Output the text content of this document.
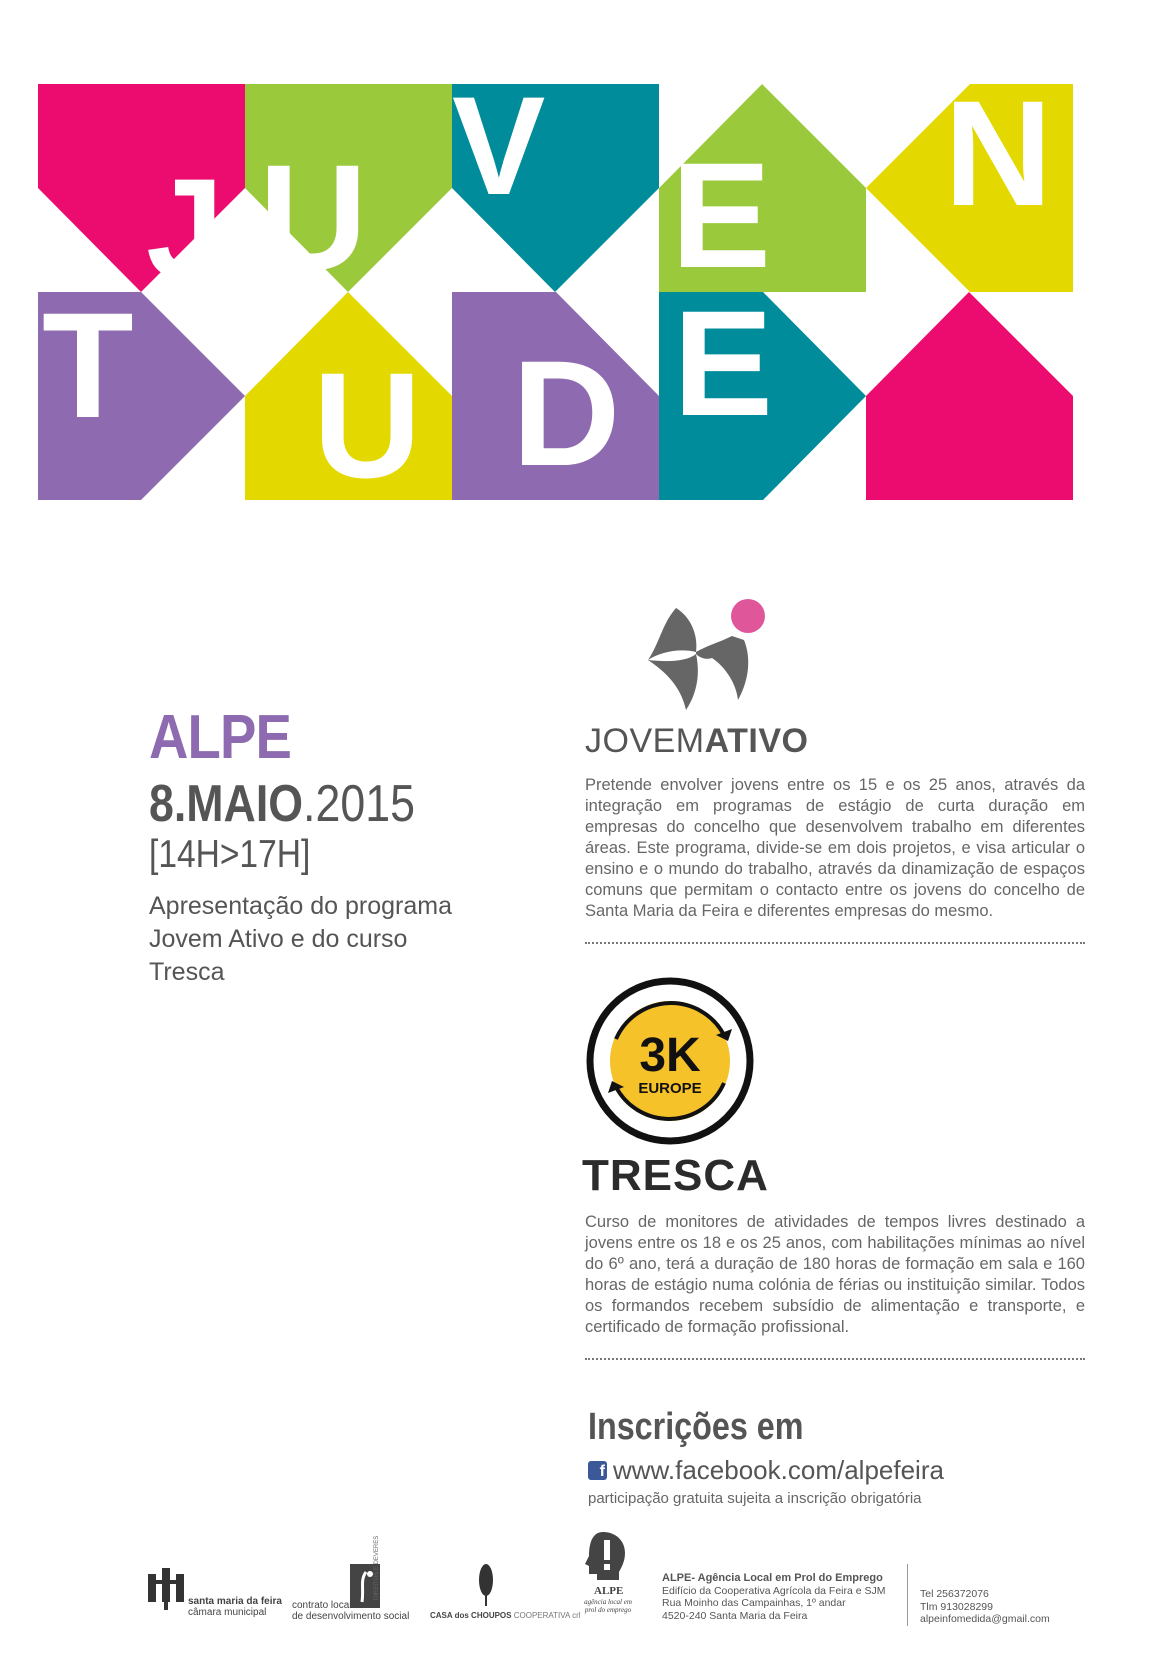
J U V E N
T U D E
ALPE
8.MAIO.2015
[14H>17H]
Apresentação do programa Jovem Ativo e do curso Tresca
JOVEMATIVO
Pretende envolver jovens entre os 15 e os 25 anos, através da integração em programas de estágio de curta duração em empresas do concelho que desenvolvem trabalho em diferentes áreas. Este programa, divide-se em dois projetos, e visa articular o ensino e o mundo do trabalho, através da dinamização de espaços comuns que permitam o contacto entre os jovens do concelho de Santa Maria da Feira e diferentes empresas do mesmo.
3K
EUROPE
TRESCA
Curso de monitores de atividades de tempos livres destinado a jovens entre os 18 e os 25 anos, com habilitações mínimas ao nível do 6º ano, terá a duração de 180 horas de formação em sala e 160 horas de estágio numa colónia de férias ou instituição similar. Todos os formandos recebem subsídio de alimentação e transporte, e certificado de formação profissional.
Inscrições em
f www.facebook.com/alpefeira
participação gratuita sujeita a inscrição obrigatória
santa maria da feira
câmara municipal
DIREITOS E DEVERES
contrato local
de desenvolvimento social	CASA dos CHOUPOS COOPERATIVA crl
ALPE
agência local em prol do emprego
ALPE- Agência Local em Prol do Emprego
Edifício da Cooperativa Agrícola da Feira e SJM
Rua Moinho das Campainhas, 1º andar
4520-240 Santa Maria da Feira
Tel 256372076
Tlm 913028299
alpeinfomedida@gmail.com
